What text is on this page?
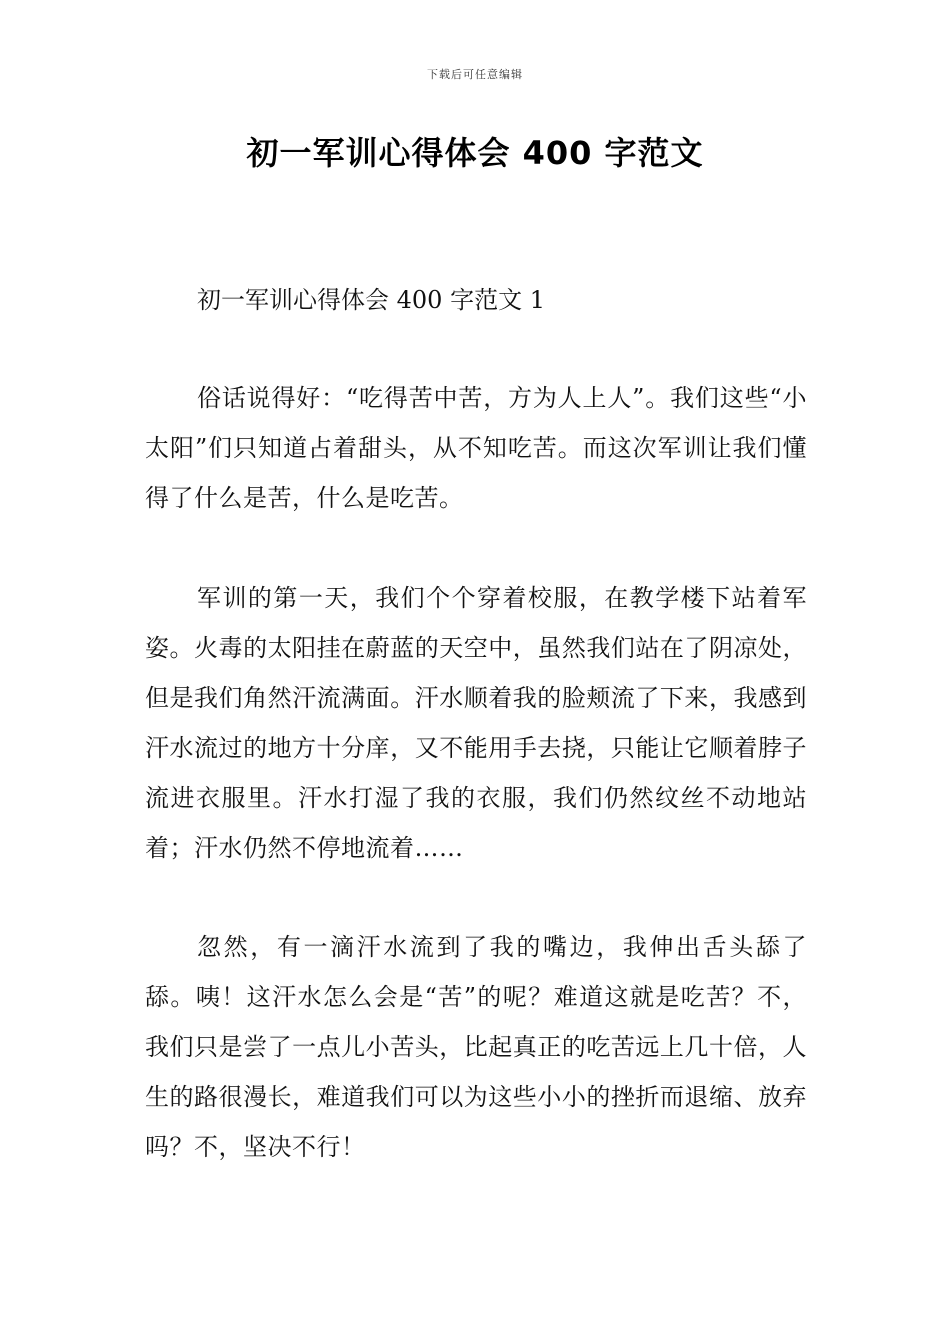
下载后可任意编辑
初一军训心得体会 400 字范文

初一军训心得体会 400 字范文 1

俗话说得好：“吃得苦中苦，方为人上人”。我们这些“小太阳”们只知道占着甜头，从不知吃苦。而这次军训让我们懂得了什么是苦，什么是吃苦。

军训的第一天，我们个个穿着校服，在教学楼下站着军姿。火毒的太阳挂在蔚蓝的天空中，虽然我们站在了阴凉处，但是我们角然汗流满面。汗水顺着我的脸颊流了下来，我感到汗水流过的地方十分庠，又不能用手去挠，只能让它顺着脖子流进衣服里。汗水打湿了我的衣服，我们仍然纹丝不动地站着；汗水仍然不停地流着……

忽然，有一滴汗水流到了我的嘴边，我伸出舌头舔了舔。咦！这汗水怎么会是“苦”的呢？难道这就是吃苦？不，我们只是尝了一点儿小苦头，比起真正的吃苦远上几十倍，人生的路很漫长，难道我们可以为这些小小的挫折而退缩、放弃吗？不，坚决不行！
